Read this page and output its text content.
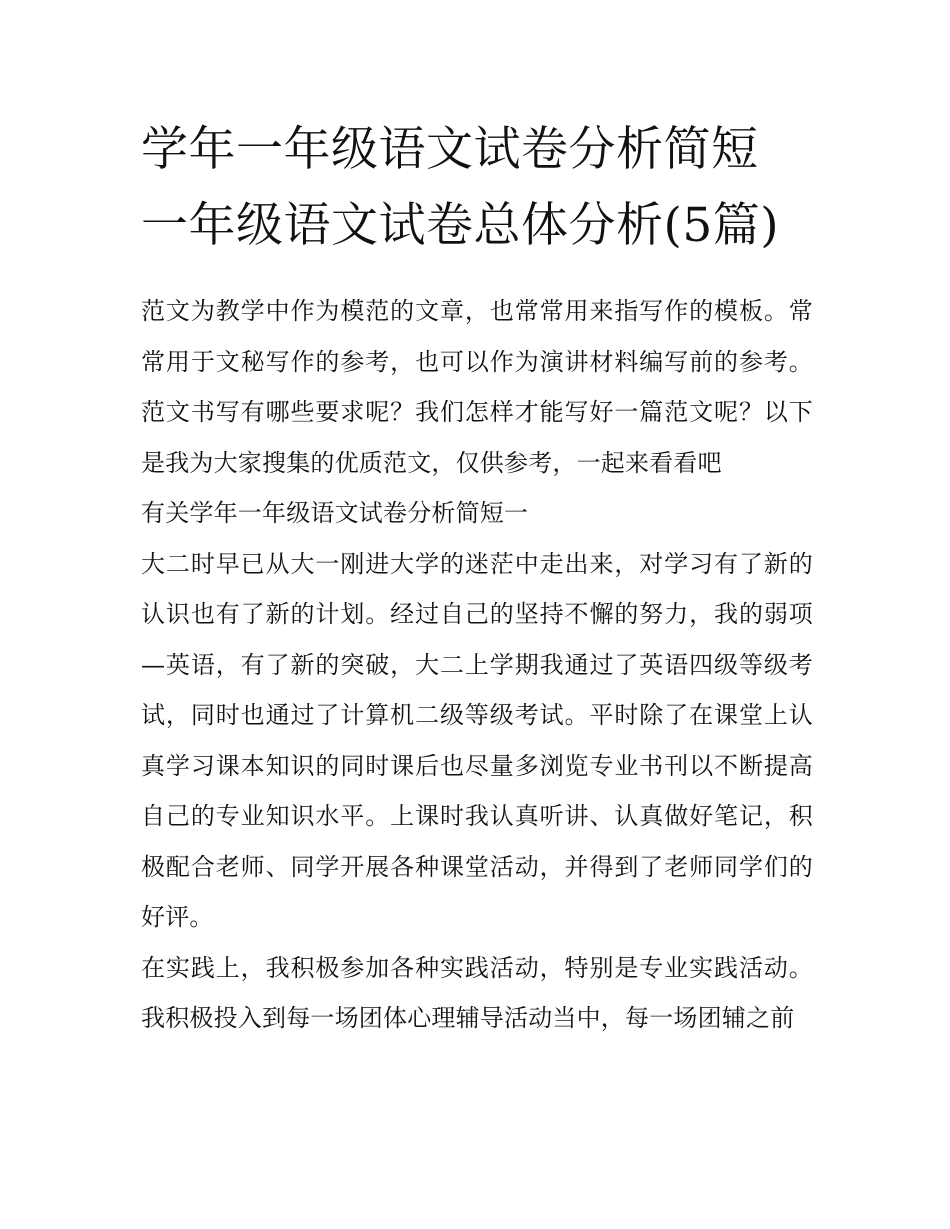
学年一年级语文试卷分析简短一年级语文试卷总体分析(5篇)

范文为教学中作为模范的文章，也常常用来指写作的模板。常常用于文秘写作的参考，也可以作为演讲材料编写前的参考。范文书写有哪些要求呢？我们怎样才能写好一篇范文呢？以下是我为大家搜集的优质范文，仅供参考，一起来看看吧

有关学年一年级语文试卷分析简短一

大二时早已从大一刚进大学的迷茫中走出来，对学习有了新的认识也有了新的计划。经过自己的坚持不懈的努力，我的弱项—英语，有了新的突破，大二上学期我通过了英语四级等级考试，同时也通过了计算机二级等级考试。平时除了在课堂上认真学习课本知识的同时课后也尽量多浏览专业书刊以不断提高自己的专业知识水平。上课时我认真听讲、认真做好笔记，积极配合老师、同学开展各种课堂活动，并得到了老师同学们的好评。

在实践上，我积极参加各种实践活动，特别是专业实践活动。我积极投入到每一场团体心理辅导活动当中，每一场团辅之前
